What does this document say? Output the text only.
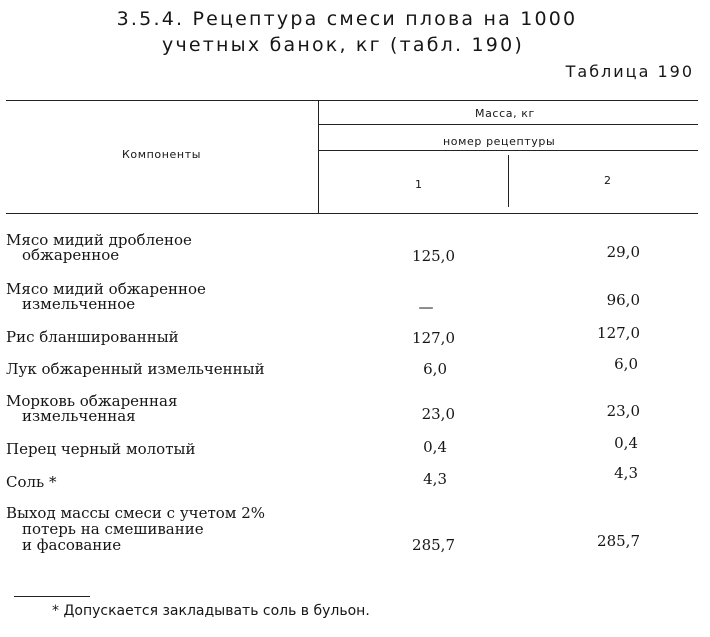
3.5.4. Рецептура смеси плова на 1000
учетных банок, кг (табл. 190)
Таблица 190
Компоненты
Масса, кг
номер рецептуры
1	2
Мясо мидий дробленое
обжаренное	125,0	29,0
Мясо мидий обжаренное
измельченное	—	96,0
Рис бланшированный	127,0	127,0
Лук обжаренный измельченный	6,0	6,0
Морковь обжаренная
измельченная	23,0	23,0
Перец черный молотый	0,4	0,4
Соль *	4,3	4,3
Выход массы смеси с учетом 2%
потерь на смешивание
и фасование	285,7	285,7
* Допускается закладывать соль в бульон.
